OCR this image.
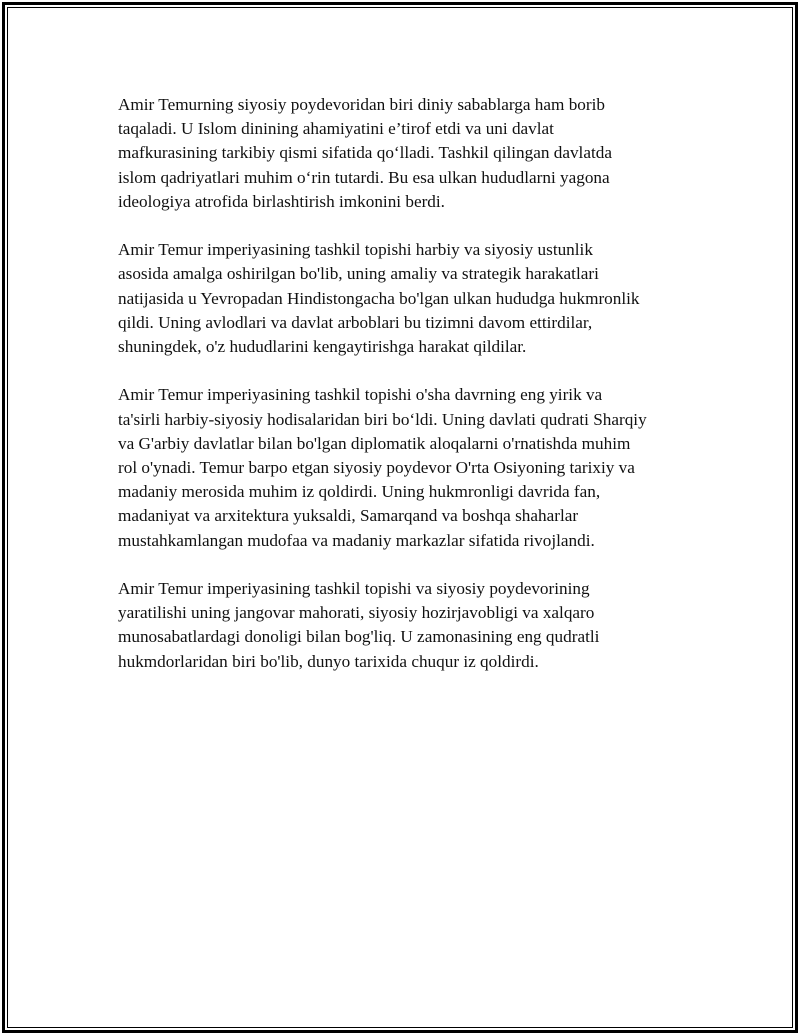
Amir Temurning siyosiy poydevoridan biri diniy sabablarga ham borib
taqaladi. U Islom dinining ahamiyatini e’tirof etdi va uni davlat
mafkurasining tarkibiy qismi sifatida qo‘lladi. Tashkil qilingan davlatda
islom qadriyatlari muhim o‘rin tutardi. Bu esa ulkan hududlarni yagona
ideologiya atrofida birlashtirish imkonini berdi.

Amir Temur imperiyasining tashkil topishi harbiy va siyosiy ustunlik
asosida amalga oshirilgan bo'lib, uning amaliy va strategik harakatlari
natijasida u Yevropadan Hindistongacha bo'lgan ulkan hududga hukmronlik
qildi. Uning avlodlari va davlat arboblari bu tizimni davom ettirdilar,
shuningdek, o'z hududlarini kengaytirishga harakat qildilar.

Amir Temur imperiyasining tashkil topishi o'sha davrning eng yirik va
ta'sirli harbiy-siyosiy hodisalaridan biri bo‘ldi. Uning davlati qudrati Sharqiy
va G'arbiy davlatlar bilan bo'lgan diplomatik aloqalarni o'rnatishda muhim
rol o'ynadi. Temur barpo etgan siyosiy poydevor O'rta Osiyoning tarixiy va
madaniy merosida muhim iz qoldirdi. Uning hukmronligi davrida fan,
madaniyat va arxitektura yuksaldi, Samarqand va boshqa shaharlar
mustahkamlangan mudofaa va madaniy markazlar sifatida rivojlandi.

Amir Temur imperiyasining tashkil topishi va siyosiy poydevorining
yaratilishi uning jangovar mahorati, siyosiy hozirjavobligi va xalqaro
munosabatlardagi donoligi bilan bog'liq. U zamonasining eng qudratli
hukmdorlaridan biri bo'lib, dunyo tarixida chuqur iz qoldirdi.
